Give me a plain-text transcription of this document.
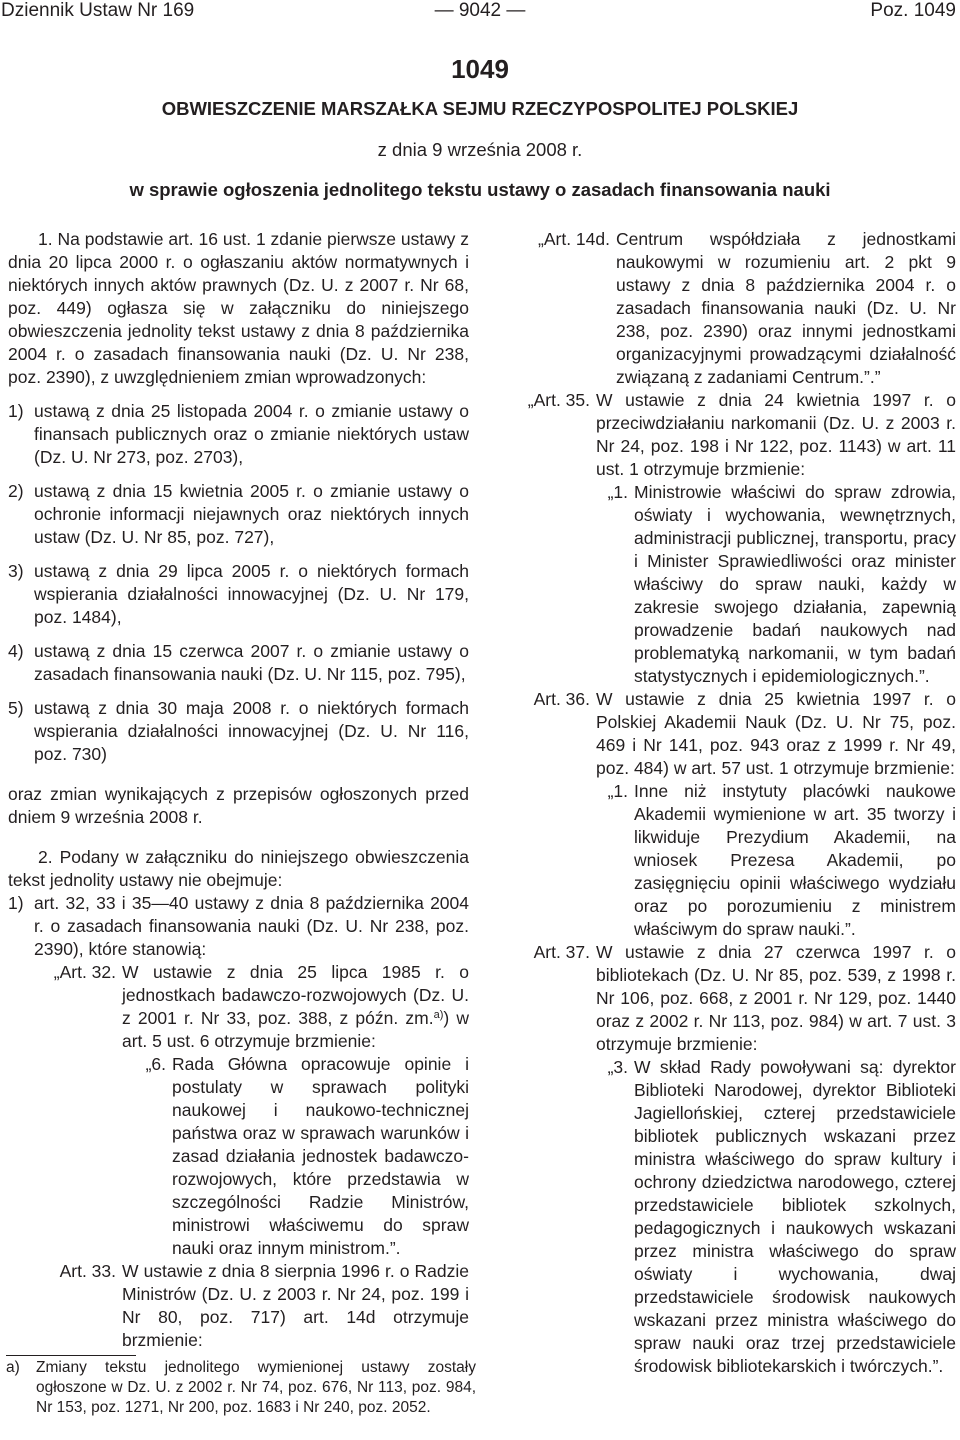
Dziennik Ustaw Nr 169	— 9042 —	Poz. 1049
1049
OBWIESZCZENIE MARSZAŁKA SEJMU RZECZYPOSPOLITEJ POLSKIEJ
z dnia 9 września 2008 r.
w sprawie ogłoszenia jednolitego tekstu ustawy o zasadach finansowania nauki

1. Na podstawie art. 16 ust. 1 zdanie pierwsze ustawy z dnia 20 lipca 2000 r. o ogłaszaniu aktów normatywnych i niektórych innych aktów prawnych (Dz. U. z 2007 r. Nr 68, poz. 449) ogłasza się w załączniku do niniejszego obwieszczenia jednolity tekst ustawy z dnia 8 października 2004 r. o zasadach finansowania nauki (Dz. U. Nr 238, poz. 2390), z uwzględnieniem zmian wprowadzonych:

1) ustawą z dnia 25 listopada 2004 r. o zmianie ustawy o finansach publicznych oraz o zmianie niektórych ustaw (Dz. U. Nr 273, poz. 2703),
2) ustawą z dnia 15 kwietnia 2005 r. o zmianie ustawy o ochronie informacji niejawnych oraz niektórych innych ustaw (Dz. U. Nr 85, poz. 727),
3) ustawą z dnia 29 lipca 2005 r. o niektórych formach wspierania działalności innowacyjnej (Dz. U. Nr 179, poz. 1484),
4) ustawą z dnia 15 czerwca 2007 r. o zmianie ustawy o zasadach finansowania nauki (Dz. U. Nr 115, poz. 795),
5) ustawą z dnia 30 maja 2008 r. o niektórych formach wspierania działalności innowacyjnej (Dz. U. Nr 116, poz. 730)

oraz zmian wynikających z przepisów ogłoszonych przed dniem 9 września 2008 r.

2. Podany w załączniku do niniejszego obwieszczenia tekst jednolity ustawy nie obejmuje:

1) art. 32, 33 i 35—40 ustawy z dnia 8 października 2004 r. o zasadach finansowania nauki (Dz. U. Nr 238, poz. 2390), które stanowią:
„Art. 32. W ustawie z dnia 25 lipca 1985 r. o jednostkach badawczo-rozwojowych (Dz. U. z 2001 r. Nr 33, poz. 388, z późn. zm.$^{a)}$) w art. 5 ust. 6 otrzymuje brzmienie:
„6. Rada Główna opracowuje opinie i postulaty w sprawach polityki naukowej i naukowo-technicznej państwa oraz w sprawach warunków i zasad działania jednostek badawczo-rozwojowych, które przedstawia w szczególności Radzie Ministrów, ministrowi właściwemu do spraw nauki oraz innym ministrom.”.
Art. 33. W ustawie z dnia 8 sierpnia 1996 r. o Radzie Ministrów (Dz. U. z 2003 r. Nr 24, poz. 199 i Nr 80, poz. 717) art. 14d otrzymuje brzmienie:
a)	Zmiany tekstu jednolitego wymienionej ustawy zostały ogłoszone w Dz. U. z 2002 r. Nr 74, poz. 676, Nr 113, poz. 984, Nr 153, poz. 1271, Nr 200, poz. 1683 i Nr 240, poz. 2052.
„Art. 14d. Centrum współdziała z jednostkami naukowymi w rozumieniu art. 2 pkt 9 ustawy z dnia 8 października 2004 r. o zasadach finansowania nauki (Dz. U. Nr 238, poz. 2390) oraz innymi jednostkami organizacyjnymi prowadzącymi działalność związaną z zadaniami Centrum.”.”
„Art. 35. W ustawie z dnia 24 kwietnia 1997 r. o przeciwdziałaniu narkomanii (Dz. U. z 2003 r. Nr 24, poz. 198 i Nr 122, poz. 1143) w art. 11 ust. 1 otrzymuje brzmienie:
„1. Ministrowie właściwi do spraw zdrowia, oświaty i wychowania, wewnętrznych, administracji publicznej, transportu, pracy i Minister Sprawiedliwości oraz minister właściwy do spraw nauki, każdy w zakresie swojego działania, zapewnią prowadzenie badań naukowych nad problematyką narkomanii, w tym badań statystycznych i epidemiologicznych.”.
Art. 36. W ustawie z dnia 25 kwietnia 1997 r. o Polskiej Akademii Nauk (Dz. U. Nr 75, poz. 469 i Nr 141, poz. 943 oraz z 1999 r. Nr 49, poz. 484) w art. 57 ust. 1 otrzymuje brzmienie:
„1. Inne niż instytuty placówki naukowe Akademii wymienione w art. 35 tworzy i likwiduje Prezydium Akademii, na wniosek Prezesa Akademii, po zasięgnięciu opinii właściwego wydziału oraz po porozumieniu z ministrem właściwym do spraw nauki.”.
Art. 37. W ustawie z dnia 27 czerwca 1997 r. o bibliotekach (Dz. U. Nr 85, poz. 539, z 1998 r. Nr 106, poz. 668, z 2001 r. Nr 129, poz. 1440 oraz z 2002 r. Nr 113, poz. 984) w art. 7 ust. 3 otrzymuje brzmienie:
„3. W skład Rady powoływani są: dyrektor Biblioteki Narodowej, dyrektor Biblioteki Jagiellońskiej, czterej przedstawiciele bibliotek publicznych wskazani przez ministra właściwego do spraw kultury i ochrony dziedzictwa narodowego, czterej przedstawiciele bibliotek szkolnych, pedagogicznych i naukowych wskazani przez ministra właściwego do spraw oświaty i wychowania, dwaj przedstawiciele środowisk naukowych wskazani przez ministra właściwego do spraw nauki oraz trzej przedstawiciele środowisk bibliotekarskich i twórczych.”.
